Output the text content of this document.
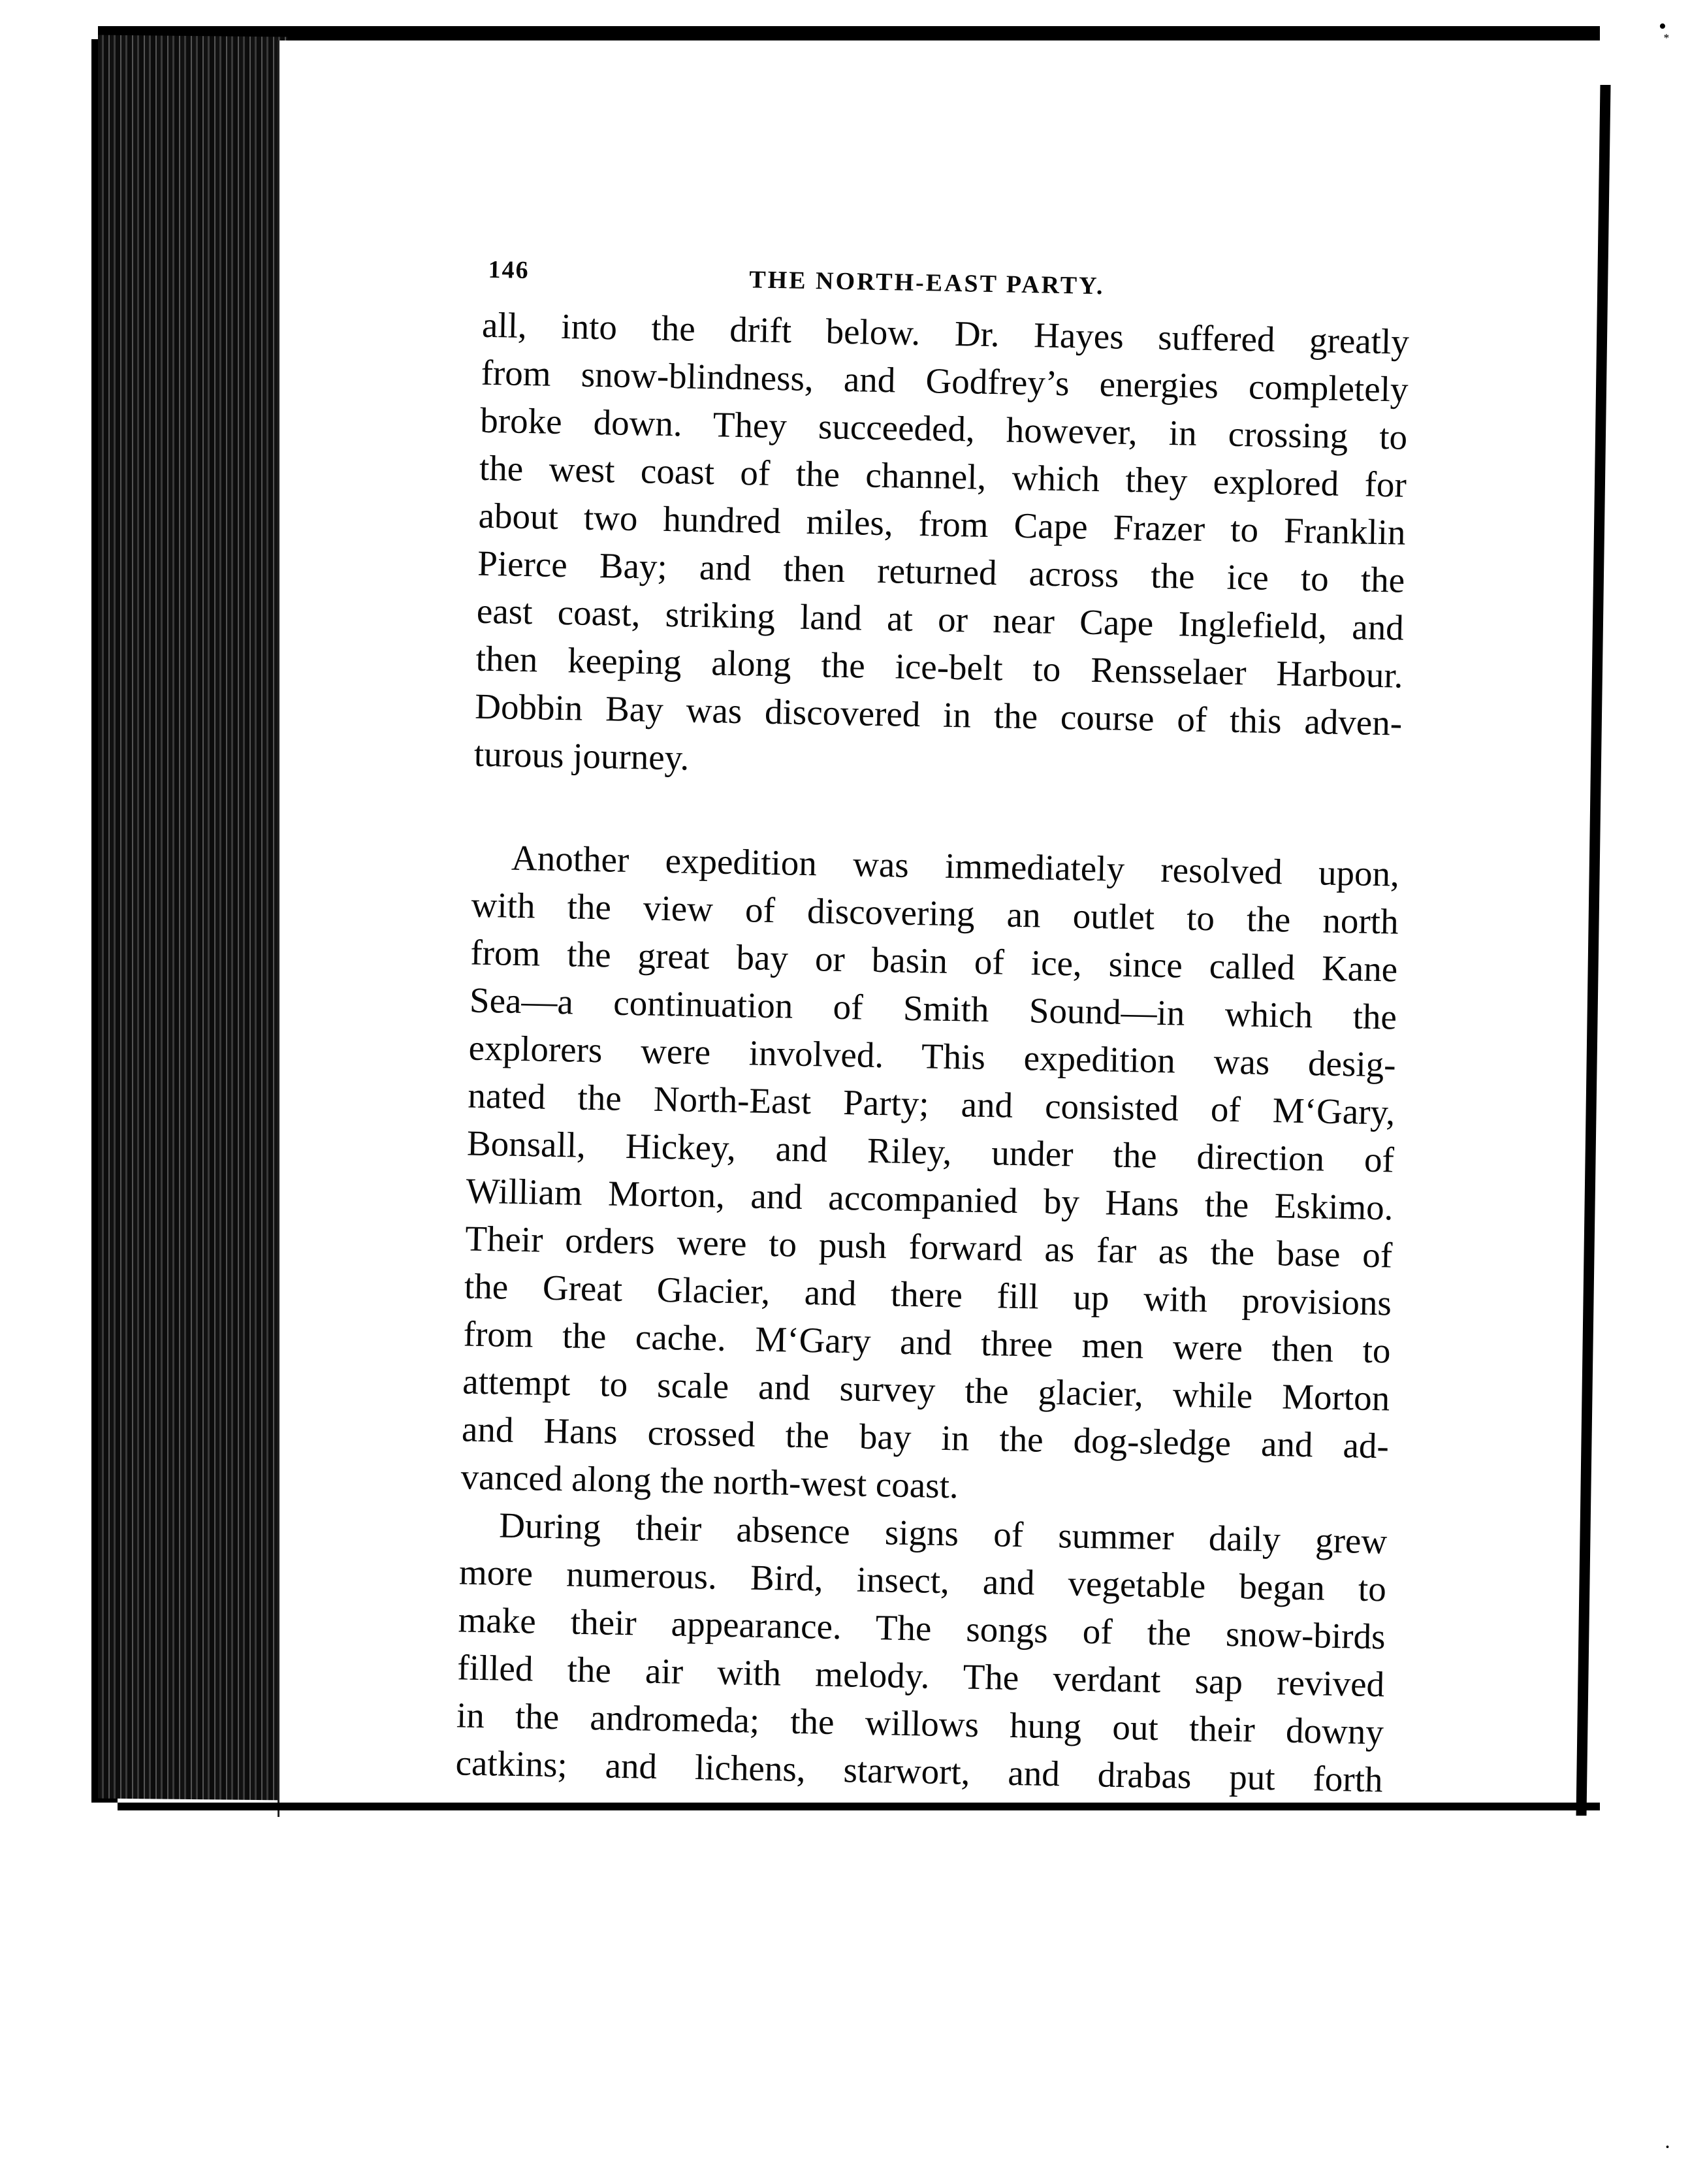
•͙
˙
146	THE NORTH-EAST PARTY.
all, into the drift below. Dr. Hayes suffered greatly
from snow-blindness, and Godfrey’s energies completely
broke down. They succeeded, however, in crossing to
the west coast of the channel, which they explored for
about two hundred miles, from Cape Frazer to Franklin
Pierce Bay; and then returned across the ice to the
east coast, striking land at or near Cape Inglefield, and
then keeping along the ice-belt to Rensselaer Harbour.
Dobbin Bay was discovered in the course of this adven-
turous journey.
Another expedition was immediately resolved upon,
with the view of discovering an outlet to the north
from the great bay or basin of ice, since called Kane
Sea—a continuation of Smith Sound—in which the
explorers were involved. This expedition was desig-
nated the North-East Party; and consisted of M‘Gary,
Bonsall, Hickey, and Riley, under the direction of
William Morton, and accompanied by Hans the Eskimo.
Their orders were to push forward as far as the base of
the Great Glacier, and there fill up with provisions
from the cache. M‘Gary and three men were then to
attempt to scale and survey the glacier, while Morton
and Hans crossed the bay in the dog-sledge and ad-
vanced along the north-west coast.
During their absence signs of summer daily grew
more numerous. Bird, insect, and vegetable began to
make their appearance. The songs of the snow-birds
filled the air with melody. The verdant sap revived
in the andromeda; the willows hung out their downy
catkins; and lichens, starwort, and drabas put forth
